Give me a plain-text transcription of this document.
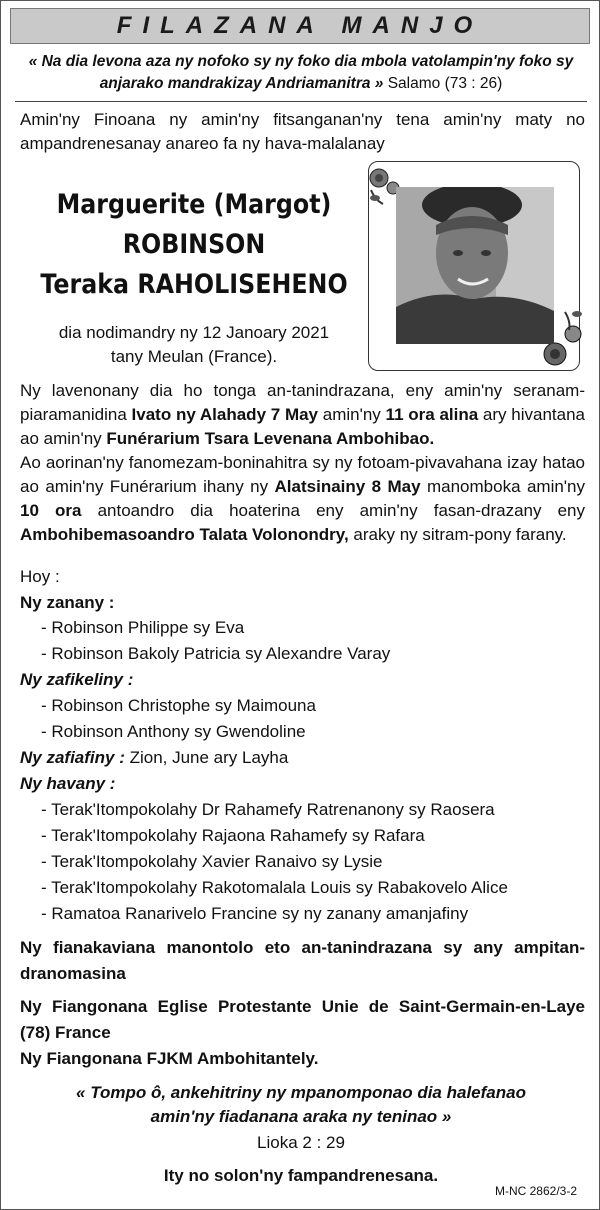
FILAZANA MANJO
« Na dia levona aza ny nofoko sy ny foko dia mbola vatolampin'ny foko sy anjarako mandrakizay Andriamanitra » Salamo (73 : 26)
Amin'ny Finoana ny amin'ny fitsanganan'ny tena amin'ny maty no ampandrenesanay anareo fa ny hava-malalanay
Marguerite (Margot)
ROBINSON
Teraka RAHOLISEHENO
dia nodimandry ny 12 Janoary 2021
tany Meulan (France).
Ny lavenonany dia ho tonga an-tanindrazana, eny amin'ny seranam-piaramanidina Ivato ny Alahady 7 May amin'ny 11 ora alina ary hivantana ao amin'ny Funérarium Tsara Levenana Ambohibao.
Ao aorinan'ny fanomezam-boninahitra sy ny fotoam-pivavahana izay hatao ao amin'ny Funérarium ihany ny Alatsinainy 8 May manomboka amin'ny 10 ora antoandro dia hoaterina eny amin'ny fasan-drazany eny Ambohibemasoandro Talata Volonondry, araky ny sitram-pony farany.
Hoy :
Ny zanany :
- Robinson Philippe sy Eva
- Robinson Bakoly Patricia sy Alexandre Varay
Ny zafikeliny :
- Robinson Christophe sy Maimouna
- Robinson Anthony sy Gwendoline
Ny zafiafiny : Zion, June ary Layha
Ny havany :
- Terak'Itompokolahy Dr Rahamefy Ratrenanony sy Raosera
- Terak'Itompokolahy Rajaona Rahamefy sy Rafara
- Terak'Itompokolahy Xavier Ranaivo sy Lysie
- Terak'Itompokolahy Rakotomalala Louis sy Rabakovelo Alice
- Ramatoa Ranarivelo Francine sy ny zanany amanjafiny
Ny fianakaviana manontolo eto an-tanindrazana sy any ampitan-dranomasina
Ny Fiangonana Eglise Protestante Unie de Saint-Germain-en-Laye (78) France
Ny Fiangonana FJKM Ambohitantely.
« Tompo ô, ankehitriny ny mpanomponao dia halefanao
amin'ny fiadanana araka ny teninao »
Lioka 2 : 29
Ity no solon'ny fampandrenesana.
M-NC 2862/3-2
